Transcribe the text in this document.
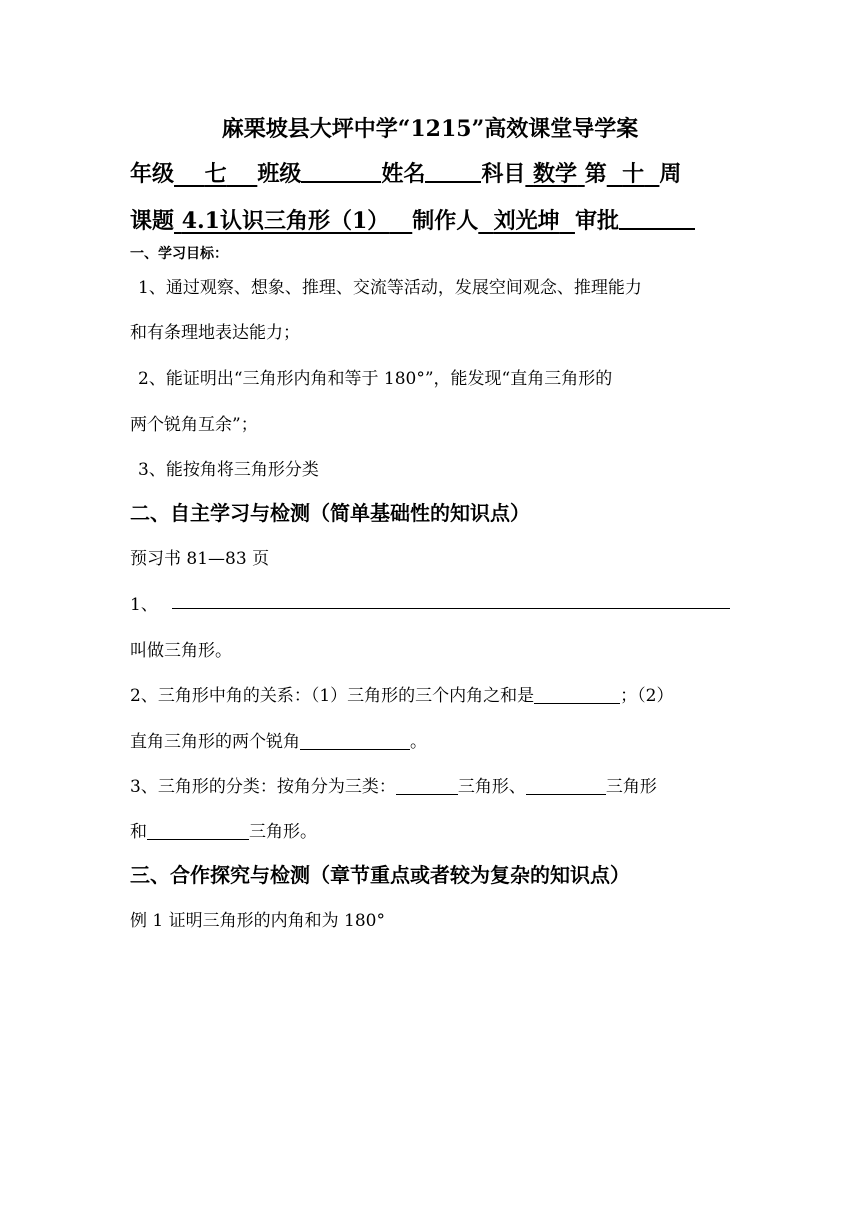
麻栗坡县大坪中学“1215”高效课堂导学案
年级 七 班级	姓名	科目 数学 第 十 周
课题 4.1认识三角形（1） 制作人 刘光坤 审批
一、学习目标：
1、通过观察、想象、推理、交流等活动，发展空间观念、推理能力
和有条理地表达能力；
2、能证明出“三角形内角和等于 180°”，能发现“直角三角形的
两个锐角互余”；
3、能按角将三角形分类
二、自主学习与检测（简单基础性的知识点）
预习书 81—83 页
1、
叫做三角形。
2、三角形中角的关系：（1）三角形的三个内角之和是	；（2）
直角三角形的两个锐角	。
3、三角形的分类：按角分为三类：	三角形、	三角形
和	三角形。
三、合作探究与检测（章节重点或者较为复杂的知识点）
例 1 证明三角形的内角和为 180°
